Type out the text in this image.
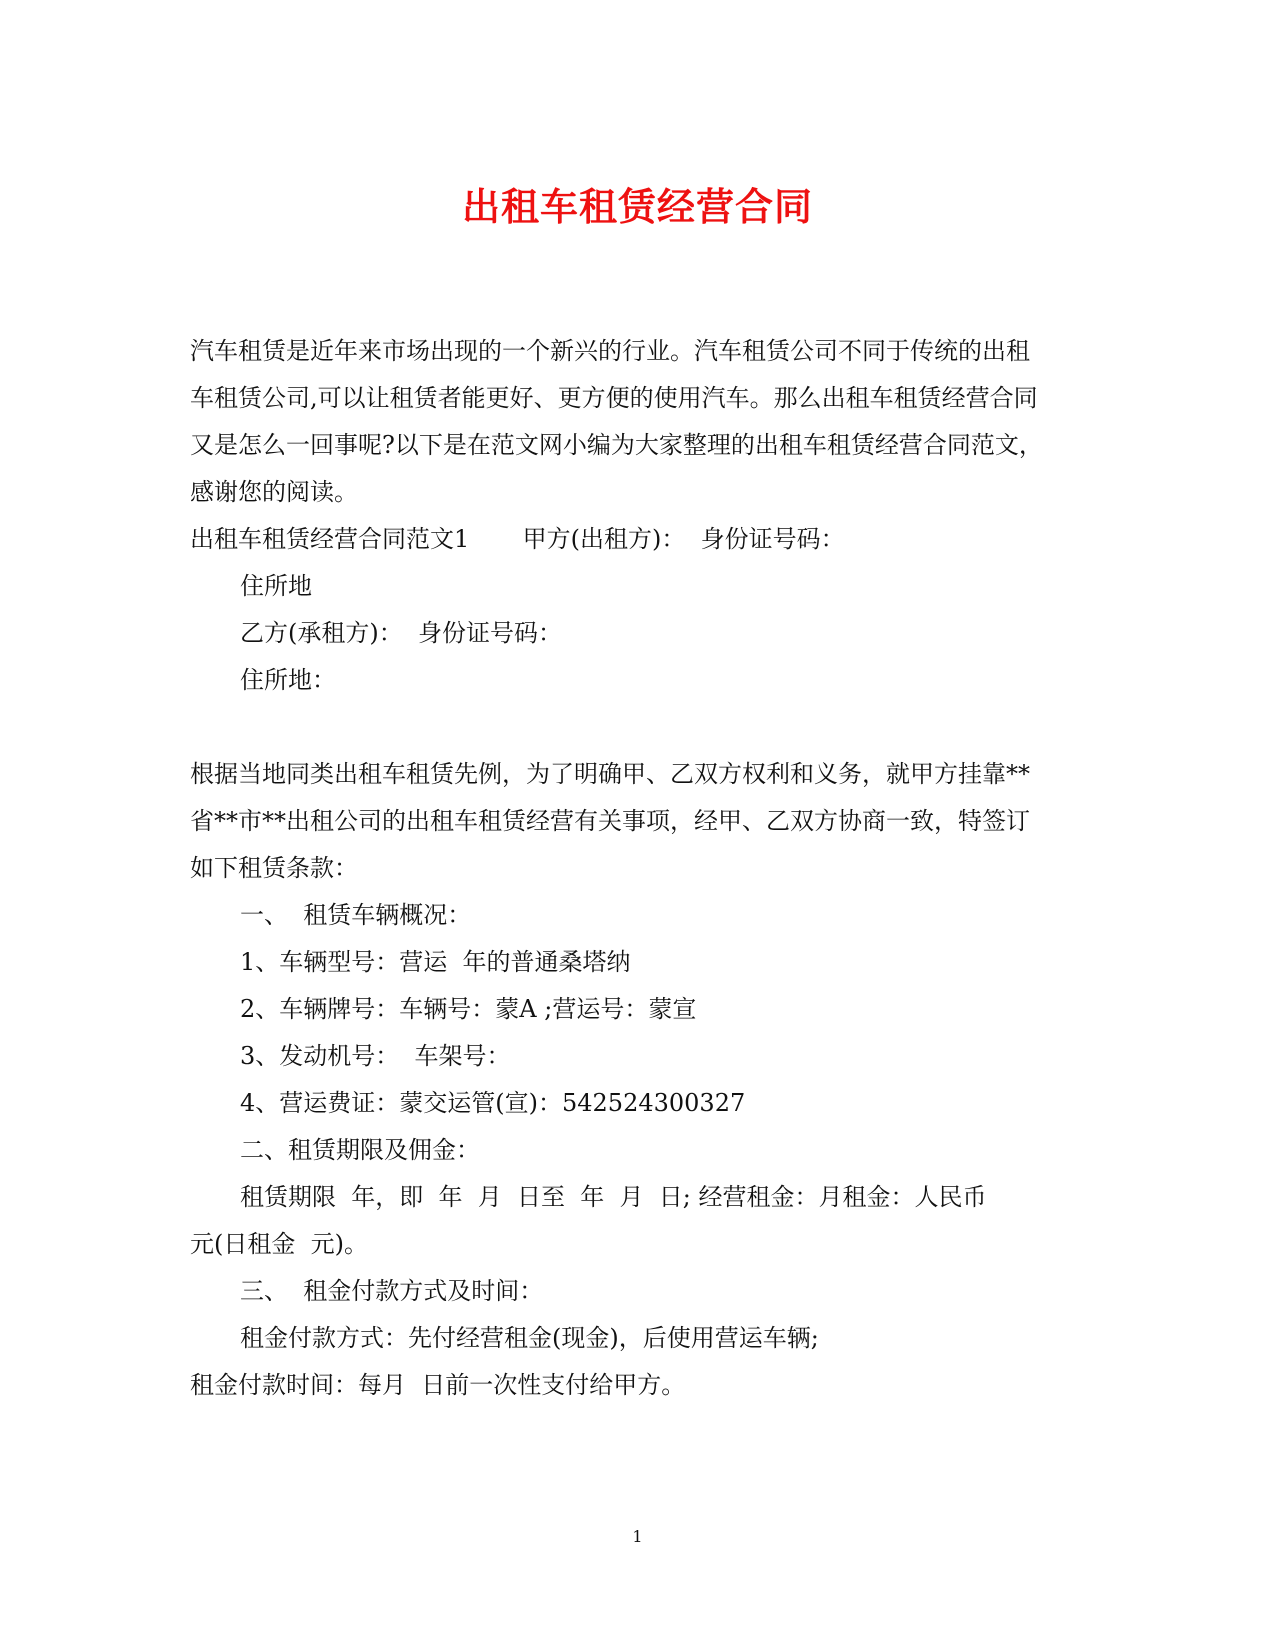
出租车租赁经营合同
汽车租赁是近年来市场出现的一个新兴的行业。汽车租赁公司不同于传统的出租
车租赁公司,可以让租赁者能更好、更方便的使用汽车。那么出租车租赁经营合同
又是怎么一回事呢?以下是在范文网小编为大家整理的出租车租赁经营合同范文，
感谢您的阅读。
出租车租赁经营合同范文1       甲方(出租方)：  身份证号码：
住所地
乙方(承租方)：  身份证号码：
住所地：
根据当地同类出租车租赁先例，为了明确甲、乙双方权利和义务，就甲方挂靠**
省**市**出租公司的出租车租赁经营有关事项，经甲、乙双方协商一致，特签订
如下租赁条款：
一、  租赁车辆概况：
1、车辆型号：营运  年的普通桑塔纳
2、车辆牌号：车辆号：蒙A ;营运号：蒙宣
3、发动机号：  车架号：
4、营运费证：蒙交运管(宣)：542524300327
二、租赁期限及佣金：
租赁期限  年，即  年  月  日至  年  月  日; 经营租金：月租金：人民币
元(日租金  元)。
三、  租金付款方式及时间：
租金付款方式：先付经营租金(现金)，后使用营运车辆;
租金付款时间：每月  日前一次性支付给甲方。
1
